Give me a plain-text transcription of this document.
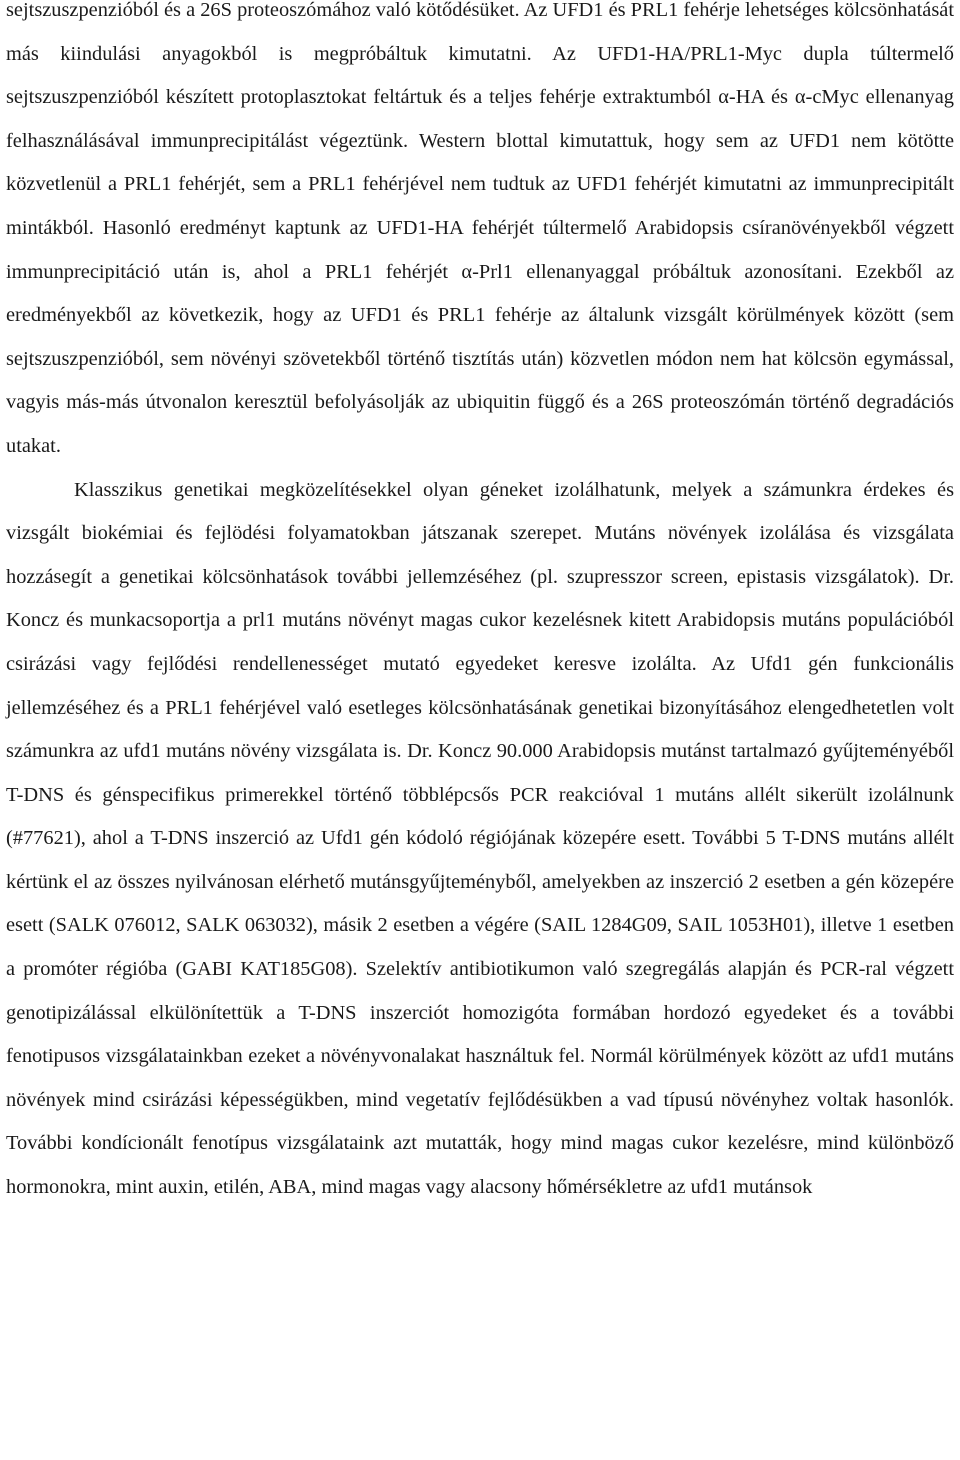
sejtszuszpenzióból és a 26S proteoszómához való kötődésüket. Az UFD1 és PRL1 fehérje lehetséges kölcsönhatását más kiindulási anyagokból is megpróbáltuk kimutatni. Az UFD1-HA/PRL1-Myc dupla túltermelő sejtszuszpenzióból készített protoplasztokat feltártuk és a teljes fehérje extraktumból α-HA és α-cMyc ellenanyag felhasználásával immunprecipitálást végeztünk. Western blottal kimutattuk, hogy sem az UFD1 nem kötötte közvetlenül a PRL1 fehérjét, sem a PRL1 fehérjével nem tudtuk az UFD1 fehérjét kimutatni az immunprecipitált mintákból. Hasonló eredményt kaptunk az UFD1-HA fehérjét túltermelő Arabidopsis csíranövényekből végzett immunprecipitáció után is, ahol a PRL1 fehérjét α-Prl1 ellenanyaggal próbáltuk azonosítani. Ezekből az eredményekből az következik, hogy az UFD1 és PRL1 fehérje az általunk vizsgált körülmények között (sem sejtszuszpenzióból, sem növényi szövetekből történő tisztítás után) közvetlen módon nem hat kölcsön egymással, vagyis más-más útvonalon keresztül befolyásolják az ubiquitin függő és a 26S proteoszómán történő degradációs utakat.

Klasszikus genetikai megközelítésekkel olyan géneket izolálhatunk, melyek a számunkra érdekes és vizsgált biokémiai és fejlödési folyamatokban játszanak szerepet. Mutáns növények izolálása és vizsgálata hozzásegít a genetikai kölcsönhatások további jellemzéséhez (pl. szupresszor screen, epistasis vizsgálatok). Dr. Koncz és munkacsoportja a prl1 mutáns növényt magas cukor kezelésnek kitett Arabidopsis mutáns populációból csirázási vagy fejlődési rendellenességet mutató egyedeket keresve izolálta. Az Ufd1 gén funkcionális jellemzéséhez és a PRL1 fehérjével való esetleges kölcsönhatásának genetikai bizonyításához elengedhetetlen volt számunkra az ufd1 mutáns növény vizsgálata is. Dr. Koncz 90.000 Arabidopsis mutánst tartalmazó gyűjteményéből T-DNS és génspecifikus primerekkel történő többlépcsős PCR reakcióval 1 mutáns allélt sikerült izolálnunk (#77621), ahol a T-DNS inszerció az Ufd1 gén kódoló régiójának közepére esett. További 5 T-DNS mutáns allélt kértünk el az összes nyilvánosan elérhető mutánsgyűjteményből, amelyekben az inszerció 2 esetben a gén közepére esett (SALK 076012, SALK 063032), másik 2 esetben a végére (SAIL 1284G09, SAIL 1053H01), illetve 1 esetben a promóter régióba (GABI KAT185G08). Szelektív antibiotikumon való szegregálás alapján és PCR-ral végzett genotipizálással elkülönítettük a T-DNS inszerciót homozigóta formában hordozó egyedeket és a további fenotipusos vizsgálatainkban ezeket a növényvonalakat használtuk fel. Normál körülmények között az ufd1 mutáns növények mind csirázási képességükben, mind vegetatív fejlődésükben a vad típusú növényhez voltak hasonlók. További kondícionált fenotípus vizsgálataink azt mutatták, hogy mind magas cukor kezelésre, mind különböző hormonokra, mint auxin, etilén, ABA, mind magas vagy alacsony hőmérsékletre az ufd1 mutánsok
